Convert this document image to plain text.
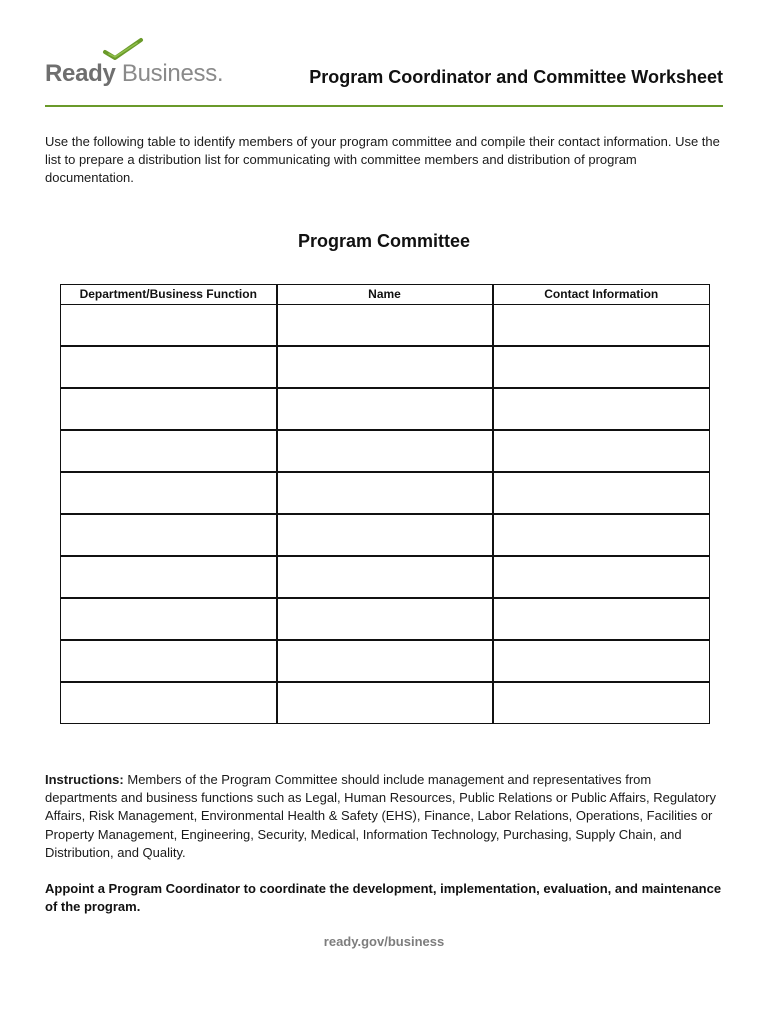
Ready Business.	Program Coordinator and Committee Worksheet

Use the following table to identify members of your program committee and compile their contact information. Use the list to prepare a distribution list for communicating with committee members and distribution of program documentation.

Program Committee
Department/Business Function	Name	Contact Information

Instructions: Members of the Program Committee should include management and representatives from departments and business functions such as Legal, Human Resources, Public Relations or Public Affairs, Regulatory Affairs, Risk Management, Environmental Health & Safety (EHS), Finance, Labor Relations, Operations, Facilities or Property Management, Engineering, Security, Medical, Information Technology, Purchasing, Supply Chain, and Distribution, and Quality.

Appoint a Program Coordinator to coordinate the development, implementation, evaluation, and maintenance of the program.

ready.gov/business
